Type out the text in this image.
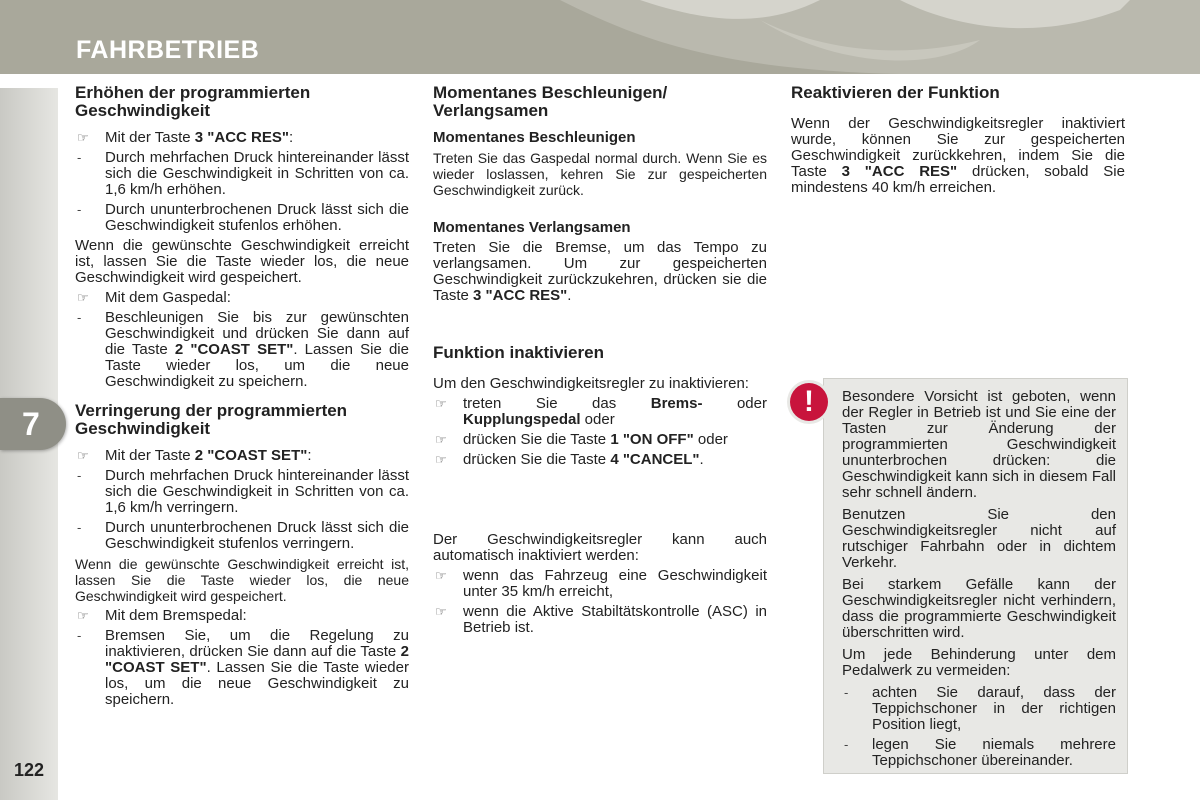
FAHRBETRIEB
7
122
Erhöhen der programmierten Geschwindigkeit
☞ Mit der Taste 3 "ACC RES":
- Durch mehrfachen Druck hintereinander lässt sich die Geschwindigkeit in Schritten von ca. 1,6 km/h erhöhen.
- Durch ununterbrochenen Druck lässt sich die Geschwindigkeit stufenlos erhöhen.

Wenn die gewünschte Geschwindigkeit erreicht ist, lassen Sie die Taste wieder los, die neue Geschwindigkeit wird gespeichert.

☞ Mit dem Gaspedal:
- Beschleunigen Sie bis zur gewünschten Geschwindigkeit und drücken Sie dann auf die Taste 2 "COAST SET". Lassen Sie die Taste wieder los, um die neue Geschwindigkeit zu speichern.
Verringerung der programmierten Geschwindigkeit
☞ Mit der Taste 2 "COAST SET":
- Durch mehrfachen Druck hintereinander lässt sich die Geschwindigkeit in Schritten von ca. 1,6 km/h verringern.
- Durch ununterbrochenen Druck lässt sich die Geschwindigkeit stufenlos verringern.

Wenn die gewünschte Geschwindigkeit erreicht ist, lassen Sie die Taste wieder los, die neue Geschwindigkeit wird gespeichert.

☞ Mit dem Bremspedal:
- Bremsen Sie, um die Regelung zu inaktivieren, drücken Sie dann auf die Taste 2 "COAST SET". Lassen Sie die Taste wieder los, um die neue Geschwindigkeit zu speichern.
Momentanes Beschleunigen/ Verlangsamen
Momentanes Beschleunigen

Treten Sie das Gaspedal normal durch. Wenn Sie es wieder loslassen, kehren Sie zur gespeicherten Geschwindigkeit zurück.

Momentanes Verlangsamen

Treten Sie die Bremse, um das Tempo zu verlangsamen. Um zur gespeicherten Geschwindigkeit zurückzukehren, drücken sie die Taste 3 "ACC RES".

Funktion inaktivieren

Um den Geschwindigkeitsregler zu inaktivieren:

☞ treten Sie das Brems- oder Kupplungspedal oder
☞ drücken Sie die Taste 1 "ON OFF" oder
☞ drücken Sie die Taste 4 "CANCEL".

Der Geschwindigkeitsregler kann auch automatisch inaktiviert werden:

☞ wenn das Fahrzeug eine Geschwindigkeit unter 35 km/h erreicht,
☞ wenn die Aktive Stabiltätskontrolle (ASC) in Betrieb ist.
Reaktivieren der Funktion

Wenn der Geschwindigkeitsregler inaktiviert wurde, können Sie zur gespeicherten Geschwindigkeit zurückkehren, indem Sie die Taste 3 "ACC RES" drücken, sobald Sie mindestens 40 km/h erreichen.

!	Besondere Vorsicht ist geboten, wenn der Regler in Betrieb ist und Sie eine der Tasten zur Änderung der programmierten Geschwindigkeit ununterbrochen drücken: die Geschwindigkeit kann sich in diesem Fall sehr schnell ändern.

Benutzen Sie den Geschwindigkeitsregler nicht auf rutschiger Fahrbahn oder in dichtem Verkehr.

Bei starkem Gefälle kann der Geschwindigkeitsregler nicht verhindern, dass die programmierte Geschwindigkeit überschritten wird.

Um jede Behinderung unter dem Pedalwerk zu vermeiden:

- achten Sie darauf, dass der Teppichschoner in der richtigen Position liegt,
- legen Sie niemals mehrere Teppichschoner übereinander.
